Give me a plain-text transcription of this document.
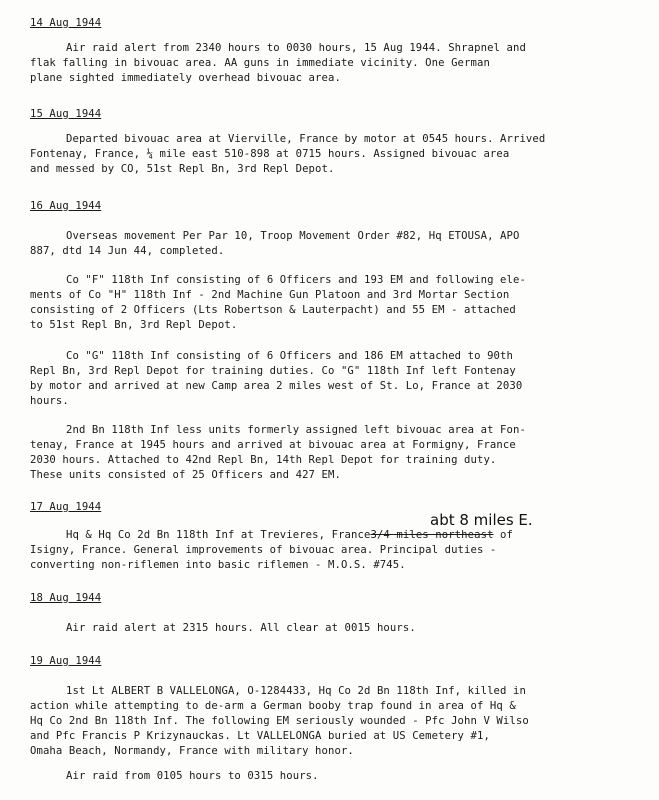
14 Aug 1944
Air raid alert from 2340 hours to 0030 hours, 15 Aug 1944. Shrapnel and
flak falling in bivouac area. AA guns in immediate vicinity. One German
plane sighted immediately overhead bivouac area.
15 Aug 1944
Departed bivouac area at Vierville, France by motor at 0545 hours. Arrived
Fontenay, France, ¼ mile east 510-898 at 0715 hours. Assigned bivouac area
and messed by CO, 51st Repl Bn, 3rd Repl Depot.
16 Aug 1944
Overseas movement Per Par 10, Troop Movement Order #82, Hq ETOUSA, APO
887, dtd 14 Jun 44, completed.
Co "F" 118th Inf consisting of 6 Officers and 193 EM and following ele-
ments of Co "H" 118th Inf - 2nd Machine Gun Platoon and 3rd Mortar Section
consisting of 2 Officers (Lts Robertson & Lauterpacht) and 55 EM - attached
to 51st Repl Bn, 3rd Repl Depot.
Co "G" 118th Inf consisting of 6 Officers and 186 EM attached to 90th
Repl Bn, 3rd Repl Depot for training duties. Co "G" 118th Inf left Fontenay
by motor and arrived at new Camp area 2 miles west of St. Lo, France at 2030
hours.
2nd Bn 118th Inf less units formerly assigned left bivouac area at Fon-
tenay, France at 1945 hours and arrived at bivouac area at Formigny, France
2030 hours. Attached to 42nd Repl Bn, 14th Repl Depot for training duty.
These units consisted of 25 Officers and 427 EM.
17 Aug 1944
abt 8 miles E.
Hq & Hq Co 2d Bn 118th Inf at Trevieres, France3/4 miles northeast of
Isigny, France. General improvements of bivouac area. Principal duties -
converting non-riflemen into basic riflemen - M.O.S. #745.
18 Aug 1944
Air raid alert at 2315 hours. All clear at 0015 hours.
19 Aug 1944
1st Lt ALBERT B VALLELONGA, O-1284433, Hq Co 2d Bn 118th Inf, killed in
action while attempting to de-arm a German booby trap found in area of Hq &
Hq Co 2nd Bn 118th Inf. The following EM seriously wounded - Pfc John V Wilso
and Pfc Francis P Krizynauckas. Lt VALLELONGA buried at US Cemetery #1,
Omaha Beach, Normandy, France with military honor.
Air raid from 0105 hours to 0315 hours.
